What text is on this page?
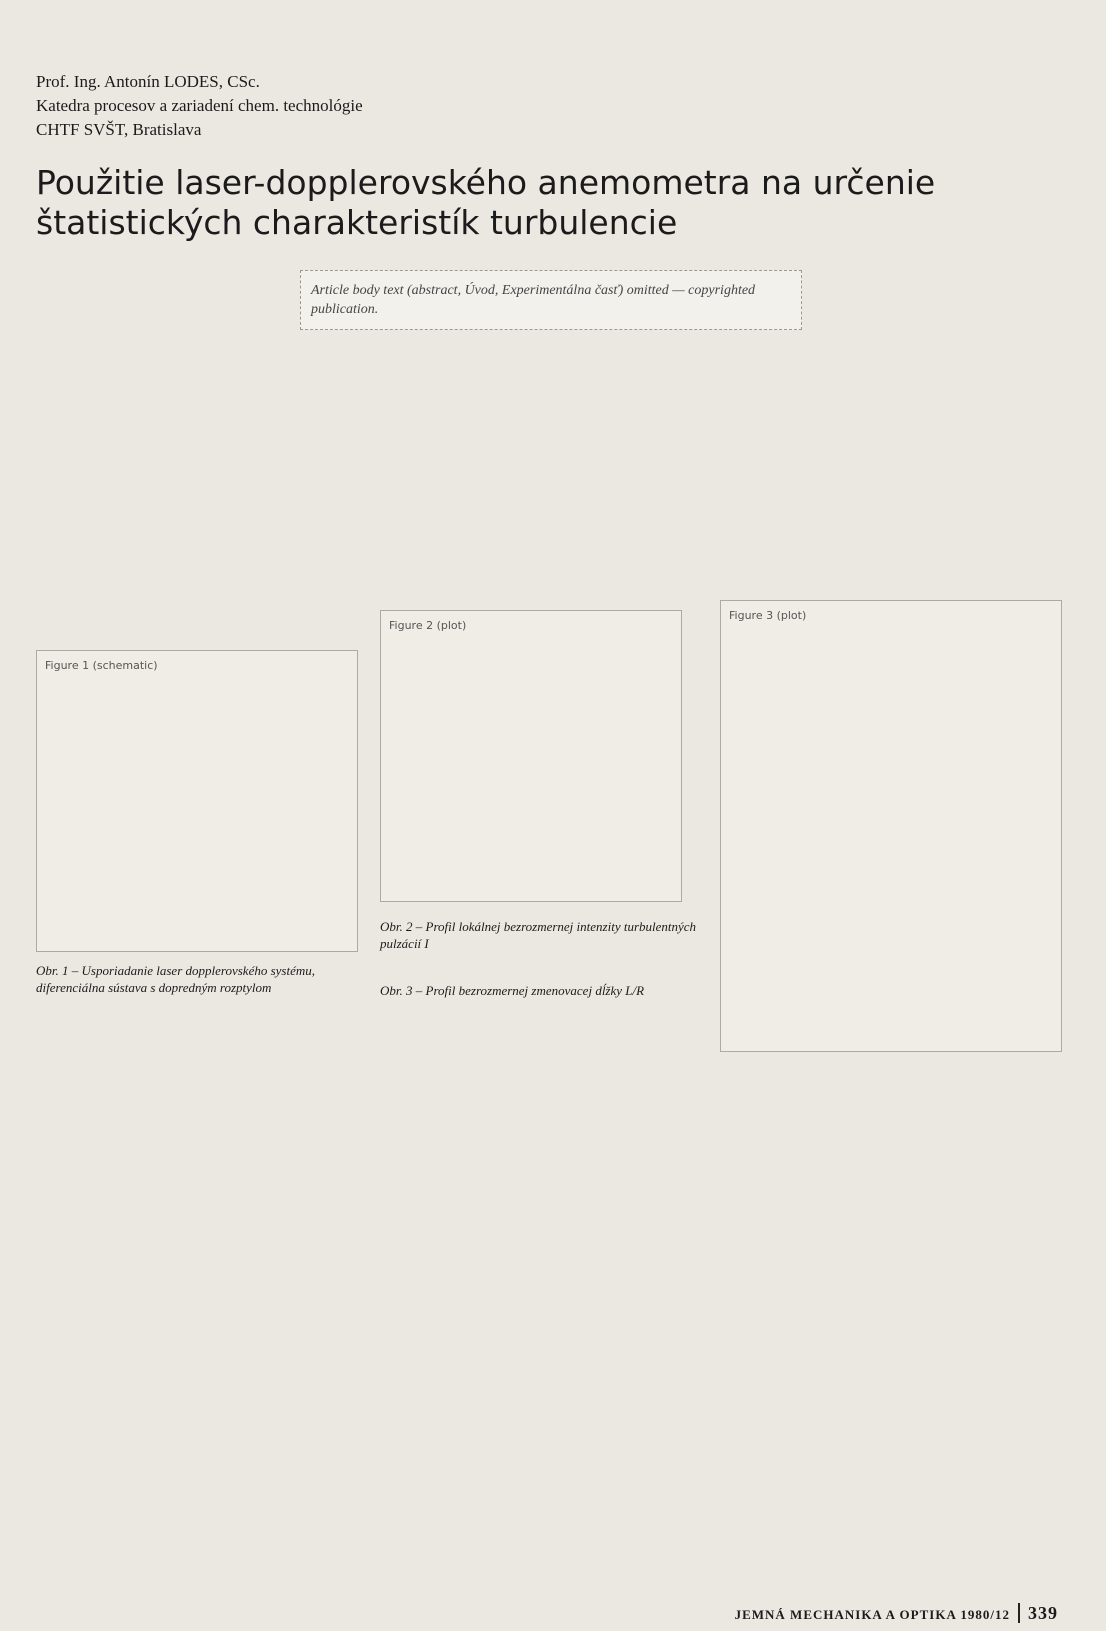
Prof. Ing. Antonín LODES, CSc.
Katedra procesov a zariadení chem. technológie
CHTF SVŠT, Bratislava
Použitie laser-dopplerovského anemometra na určenie štatistických charakteristík turbulencie
Article body text (abstract, Úvod, Experimentálna časť) omitted — copyrighted publication.
Figure 1 (schematic)
Figure 2 (plot)
Figure 3 (plot)
Obr. 1 – Usporiadanie laser dopplerovského systému, diferenciálna sústava s dopredným rozptylom
Obr. 2 – Profil lokálnej bezrozmernej intenzity turbulentných pulzácií I
Obr. 3 – Profil bezrozmernej zmenovacej dĺžky L/R
JEMNÁ MECHANIKA A OPTIKA 1980/12 339
